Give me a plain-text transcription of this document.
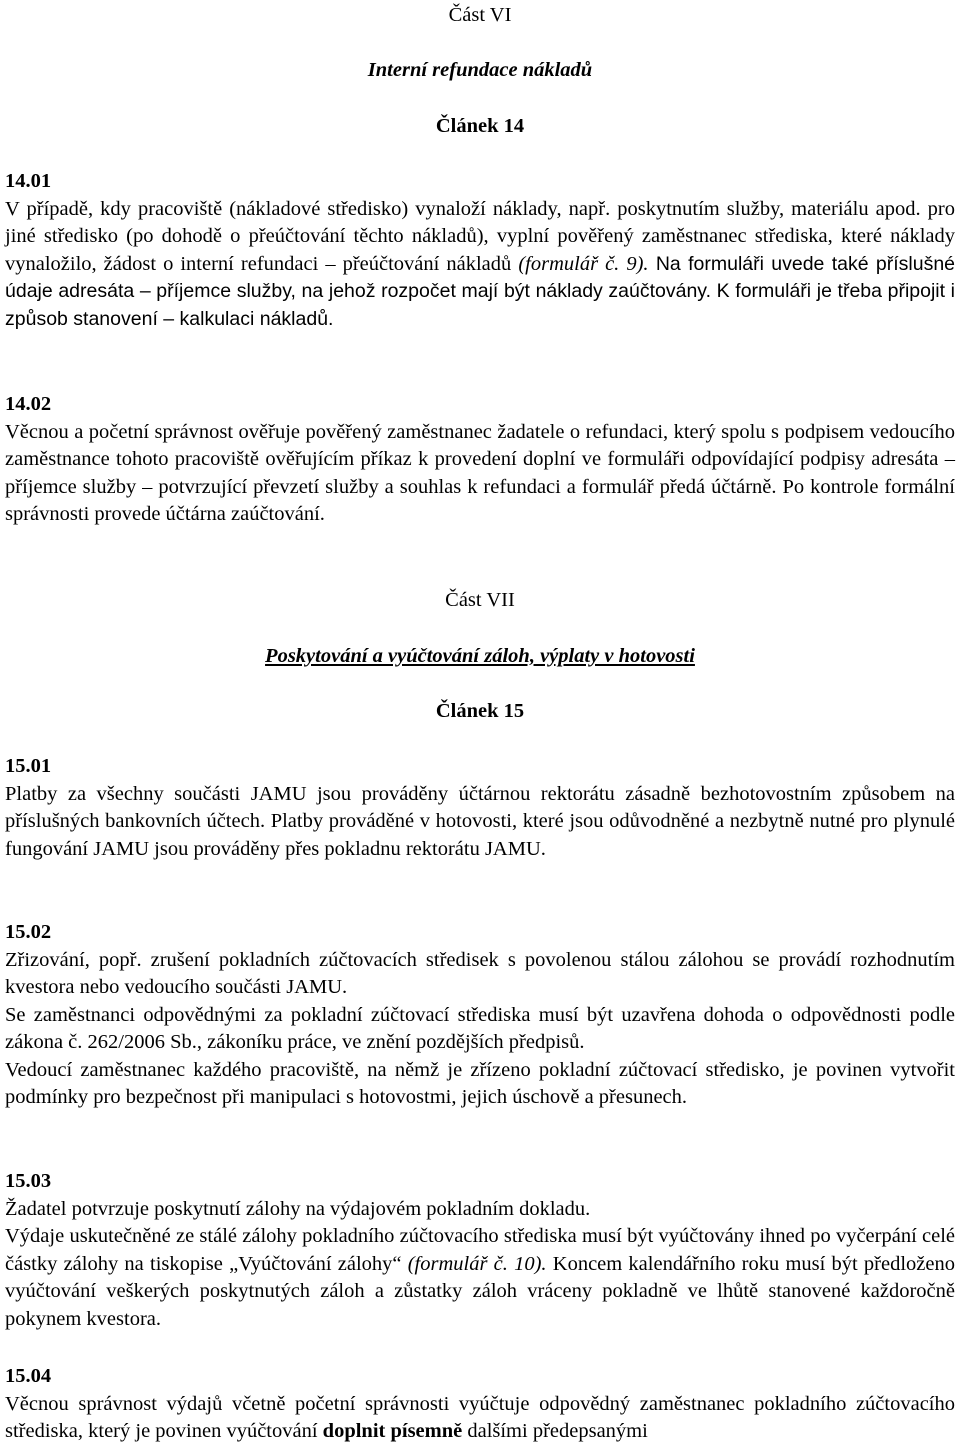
Část VI
Interní refundace nákladů
Článek 14
14.01

V případě, kdy pracoviště (nákladové středisko) vynaloží náklady, např. poskytnutím služby, materiálu apod. pro jiné středisko (po dohodě o přeúčtování těchto nákladů), vyplní pověřený zaměstnanec střediska, které náklady vynaložilo, žádost o interní refundaci – přeúčtování nákladů (formulář č. 9). Na formuláři uvede také příslušné údaje adresáta – příjemce služby, na jehož rozpočet mají být náklady zaúčtovány. K formuláři je třeba připojit i způsob stanovení – kalkulaci nákladů.

14.02

Věcnou a početní správnost ověřuje pověřený zaměstnanec žadatele o refundaci, který spolu s podpisem vedoucího zaměstnance tohoto pracoviště ověřujícím příkaz k provedení doplní ve formuláři odpovídající podpisy adresáta – příjemce služby – potvrzující převzetí služby a souhlas k refundaci a formulář předá účtárně. Po kontrole formální správnosti provede účtárna zaúčtování.

Část VII
Poskytování a vyúčtování záloh, výplaty v hotovosti
Článek 15
15.01

Platby za všechny součásti JAMU jsou prováděny účtárnou rektorátu zásadně bezhotovostním způsobem na příslušných bankovních účtech. Platby prováděné v hotovosti, které jsou odůvodněné a nezbytně nutné pro plynulé fungování JAMU jsou prováděny přes pokladnu rektorátu JAMU.

15.02

Zřizování, popř. zrušení pokladních zúčtovacích středisek s povolenou stálou zálohou se provádí rozhodnutím kvestora nebo vedoucího součásti JAMU.

Se zaměstnanci odpovědnými za pokladní zúčtovací střediska musí být uzavřena dohoda o odpovědnosti podle zákona č. 262/2006 Sb., zákoníku práce, ve znění pozdějších předpisů.

Vedoucí zaměstnanec každého pracoviště, na němž je zřízeno pokladní zúčtovací středisko, je povinen vytvořit podmínky pro bezpečnost při manipulaci s hotovostmi, jejich úschově a přesunech.

15.03

Žadatel potvrzuje poskytnutí zálohy na výdajovém pokladním dokladu.

Výdaje uskutečněné ze stálé zálohy pokladního zúčtovacího střediska musí být vyúčtovány ihned po vyčerpání celé částky zálohy na tiskopise „Vyúčtování zálohy“ (formulář č. 10). Koncem kalendářního roku musí být předloženo vyúčtování veškerých poskytnutých záloh a zůstatky záloh vráceny pokladně ve lhůtě stanovené každoročně pokynem kvestora.

15.04

Věcnou správnost výdajů včetně početní správnosti vyúčtuje odpovědný zaměstnanec pokladního zúčtovacího střediska, který je povinen vyúčtování doplnit písemně dalšími předepsanými
